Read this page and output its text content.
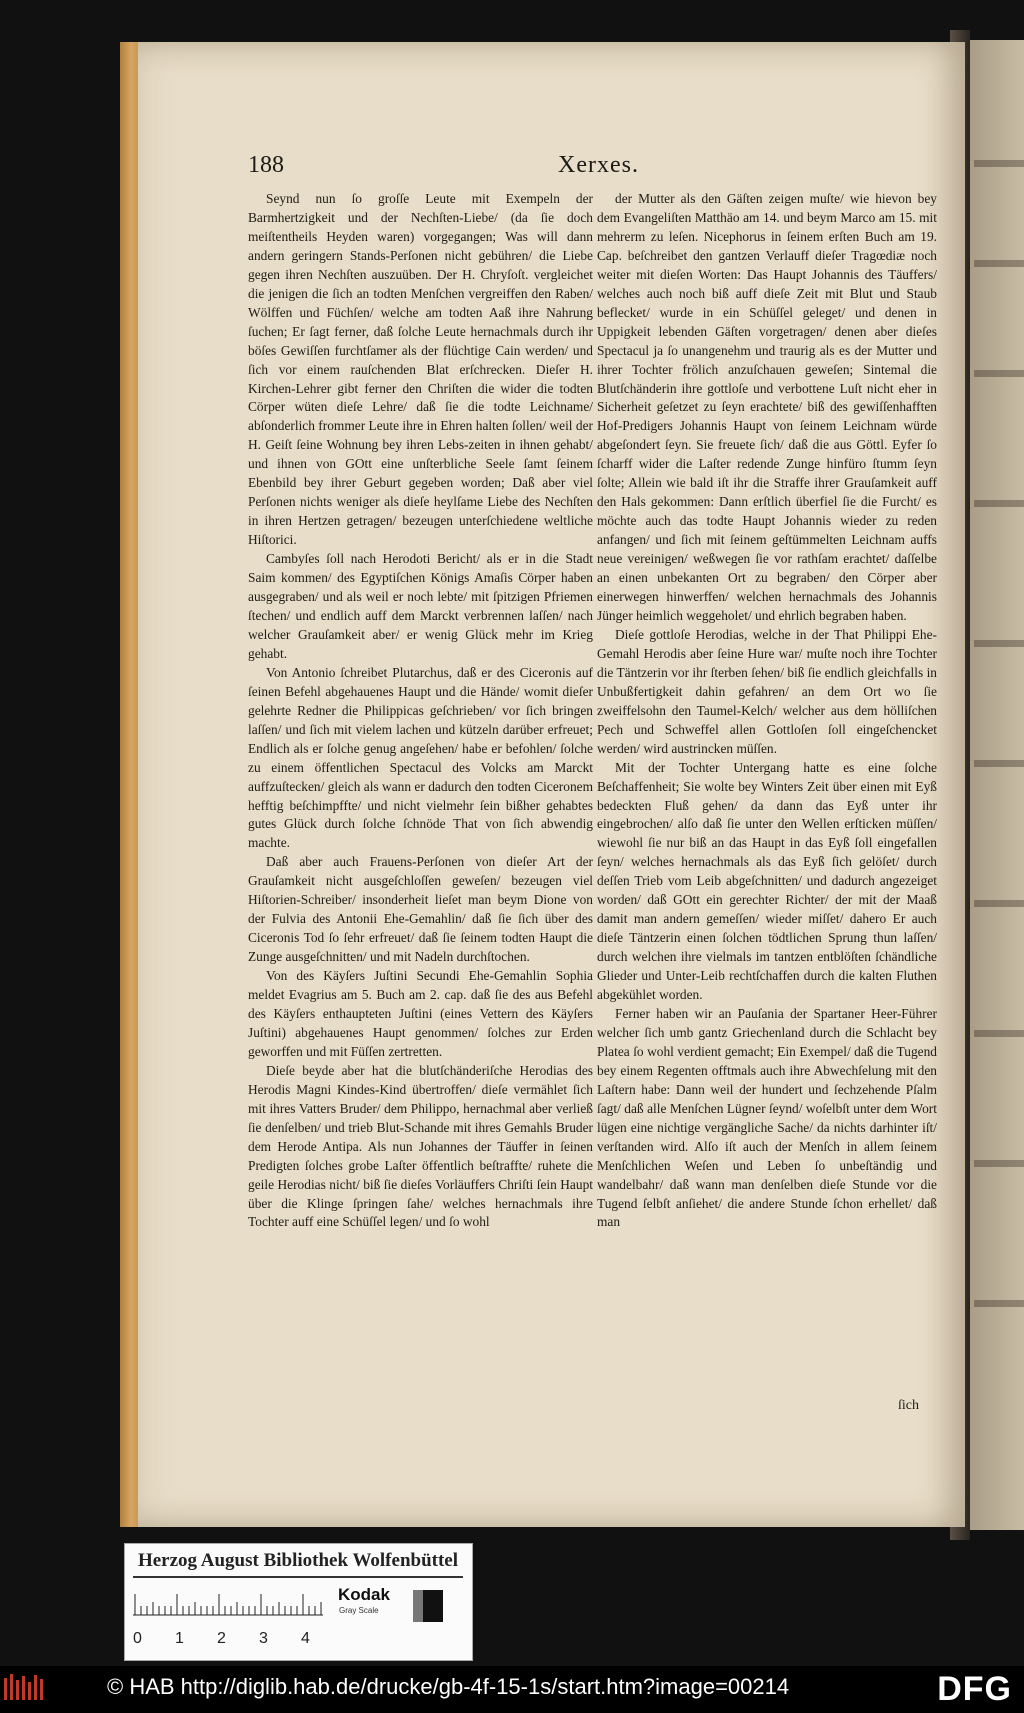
188	Xerxes.

Seynd nun ſo groſſe Leute mit Exempeln der Barmhertzigkeit und der Nechſten-Liebe/ (da ſie doch meiſtentheils Heyden waren) vorgegangen; Was will dann andern geringern Stands-Perſonen nicht gebühren/ die Liebe gegen ihren Nechſten auszuüben. Der H. Chryſoſt. vergleichet die jenigen die ſich an todten Menſchen vergreiffen den Raben/ Wölffen und Füchſen/ welche am todten Aaß ihre Nahrung ſuchen; Er ſagt ferner, daß ſolche Leute hernachmals durch ihr böſes Gewiſſen furchtſamer als der flüchtige Cain werden/ und ſich vor einem rauſchenden Blat erſchrecken. Dieſer H. Kirchen-Lehrer gibt ferner den Chriſten die wider die todten Cörper wüten dieſe Lehre/ daß ſie die todte Leichname/ abſonderlich frommer Leute ihre in Ehren halten ſollen/ weil der H. Geiſt ſeine Wohnung bey ihren Lebs-zeiten in ihnen gehabt/ und ihnen von GOtt eine unſterbliche Seele ſamt ſeinem Ebenbild bey ihrer Geburt gegeben worden; Daß aber viel Perſonen nichts weniger als dieſe heylſame Liebe des Nechſten in ihren Hertzen getragen/ bezeugen unterſchiedene weltliche Hiſtorici.

Cambyſes ſoll nach Herodoti Bericht/ als er in die Stadt Saim kommen/ des Egyptiſchen Königs Amaſis Cörper haben ausgegraben/ und als weil er noch lebte/ mit ſpitzigen Pfriemen ſtechen/ und endlich auff dem Marckt verbrennen laſſen/ nach welcher Grauſamkeit aber/ er wenig Glück mehr im Krieg gehabt.

Von Antonio ſchreibet Plutarchus, daß er des Ciceronis auf ſeinen Befehl abgehauenes Haupt und die Hände/ womit dieſer gelehrte Redner die Philippicas geſchrieben/ vor ſich bringen laſſen/ und ſich mit vielem lachen und kützeln darüber erfreuet; Endlich als er ſolche genug angeſehen/ habe er befohlen/ ſolche zu einem öffentlichen Spectacul des Volcks am Marckt auffzuſtecken/ gleich als wann er dadurch den todten Ciceronem hefftig beſchimpffte/ und nicht vielmehr ſein bißher gehabtes gutes Glück durch ſolche ſchnöde That von ſich abwendig machte.

Daß aber auch Frauens-Perſonen von dieſer Art der Grauſamkeit nicht ausgeſchloſſen geweſen/ bezeugen viel Hiſtorien-Schreiber/ insonderheit lieſet man beym Dione von der Fulvia des Antonii Ehe-Gemahlin/ daß ſie ſich über des Ciceronis Tod ſo ſehr erfreuet/ daß ſie ſeinem todten Haupt die Zunge ausgeſchnitten/ und mit Nadeln durchſtochen.

Von des Käyſers Juſtini Secundi Ehe-Gemahlin Sophia meldet Evagrius am 5. Buch am 2. cap. daß ſie des aus Befehl des Käyſers enthaupteten Juſtini (eines Vettern des Käyſers Juſtini) abgehauenes Haupt genommen/ ſolches zur Erden geworffen und mit Füſſen zertretten.

Dieſe beyde aber hat die blutſchänderiſche Herodias des Herodis Magni Kindes-Kind übertroffen/ dieſe vermählet ſich mit ihres Vatters Bruder/ dem Philippo, hernachmal aber verließ ſie denſelben/ und trieb Blut-Schande mit ihres Gemahls Bruder dem Herode Antipa. Als nun Johannes der Täuffer in ſeinen Predigten ſolches grobe Laſter öffentlich beſtraffte/ ruhete die geile Herodias nicht/ biß ſie dieſes Vorläuffers Chriſti ſein Haupt über die Klinge ſpringen ſahe/ welches hernachmals ihre Tochter auff eine Schüſſel legen/ und ſo wohl

der Mutter als den Gäſten zeigen muſte/ wie hievon bey dem Evangeliſten Matthäo am 14. und beym Marco am 15. mit mehrerm zu leſen. Nicephorus in ſeinem erſten Buch am 19. Cap. beſchreibet den gantzen Verlauff dieſer Tragœdiæ noch weiter mit dieſen Worten: Das Haupt Johannis des Täuffers/ welches auch noch biß auff dieſe Zeit mit Blut und Staub beflecket/ wurde in ein Schüſſel geleget/ und denen in Uppigkeit lebenden Gäſten vorgetragen/ denen aber dieſes Spectacul ja ſo unangenehm und traurig als es der Mutter und ihrer Tochter frölich anzuſchauen geweſen; Sintemal die Blutſchänderin ihre gottloſe und verbottene Luſt nicht eher in Sicherheit geſetzet zu ſeyn erachtete/ biß des gewiſſenhafften Hof-Predigers Johannis Haupt von ſeinem Leichnam würde abgeſondert ſeyn. Sie freuete ſich/ daß die aus Göttl. Eyfer ſo ſcharff wider die Laſter redende Zunge hinfüro ſtumm ſeyn ſolte; Allein wie bald iſt ihr die Straffe ihrer Grauſamkeit auff den Hals gekommen: Dann erſtlich überfiel ſie die Furcht/ es möchte auch das todte Haupt Johannis wieder zu reden anfangen/ und ſich mit ſeinem geſtümmelten Leichnam auffs neue vereinigen/ weßwegen ſie vor rathſam erachtet/ daſſelbe an einen unbekanten Ort zu begraben/ den Cörper aber einerwegen hinwerffen/ welchen hernachmals des Johannis Jünger heimlich weggeholet/ und ehrlich begraben haben.

Dieſe gottloſe Herodias, welche in der That Philippi Ehe-Gemahl Herodis aber ſeine Hure war/ muſte noch ihre Tochter die Täntzerin vor ihr ſterben ſehen/ biß ſie endlich gleichfalls in Unbußfertigkeit dahin gefahren/ an dem Ort wo ſie zweiffelsohn den Taumel-Kelch/ welcher aus dem hölliſchen Pech und Schweffel allen Gottloſen ſoll eingeſchencket werden/ wird austrincken müſſen.

Mit der Tochter Untergang hatte es eine ſolche Beſchaffenheit; Sie wolte bey Winters Zeit über einen mit Eyß bedeckten Fluß gehen/ da dann das Eyß unter ihr eingebrochen/ alſo daß ſie unter den Wellen erſticken müſſen/ wiewohl ſie nur biß an das Haupt in das Eyß ſoll eingefallen ſeyn/ welches hernachmals als das Eyß ſich gelöſet/ durch deſſen Trieb vom Leib abgeſchnitten/ und dadurch angezeiget worden/ daß GOtt ein gerechter Richter/ der mit der Maaß damit man andern gemeſſen/ wieder miſſet/ dahero Er auch dieſe Täntzerin einen ſolchen tödtlichen Sprung thun laſſen/ durch welchen ihre vielmals im tantzen entblöſten ſchändliche Glieder und Unter-Leib rechtſchaffen durch die kalten Fluthen abgekühlet worden.

Ferner haben wir an Pauſania der Spartaner Heer-Führer welcher ſich umb gantz Griechenland durch die Schlacht bey Platea ſo wohl verdient gemacht; Ein Exempel/ daß die Tugend bey einem Regenten offtmals auch ihre Abwechſelung mit den Laſtern habe: Dann weil der hundert und ſechzehende Pſalm ſagt/ daß alle Menſchen Lügner ſeynd/ woſelbſt unter dem Wort lügen eine nichtige vergängliche Sache/ da nichts darhinter iſt/ verſtanden wird. Alſo iſt auch der Menſch in allem ſeinem Menſchlichen Weſen und Leben ſo unbeſtändig und wandelbahr/ daß wann man denſelben dieſe Stunde vor die Tugend ſelbſt anſiehet/ die andere Stunde ſchon erhellet/ daß man

ſich
Herzog August Bibliothek Wolfenbüttel
0 1 2 3 4
Kodak
Gray Scale
© HAB http://diglib.hab.de/drucke/gb-4f-15-1s/start.htm?image=00214	DFG
